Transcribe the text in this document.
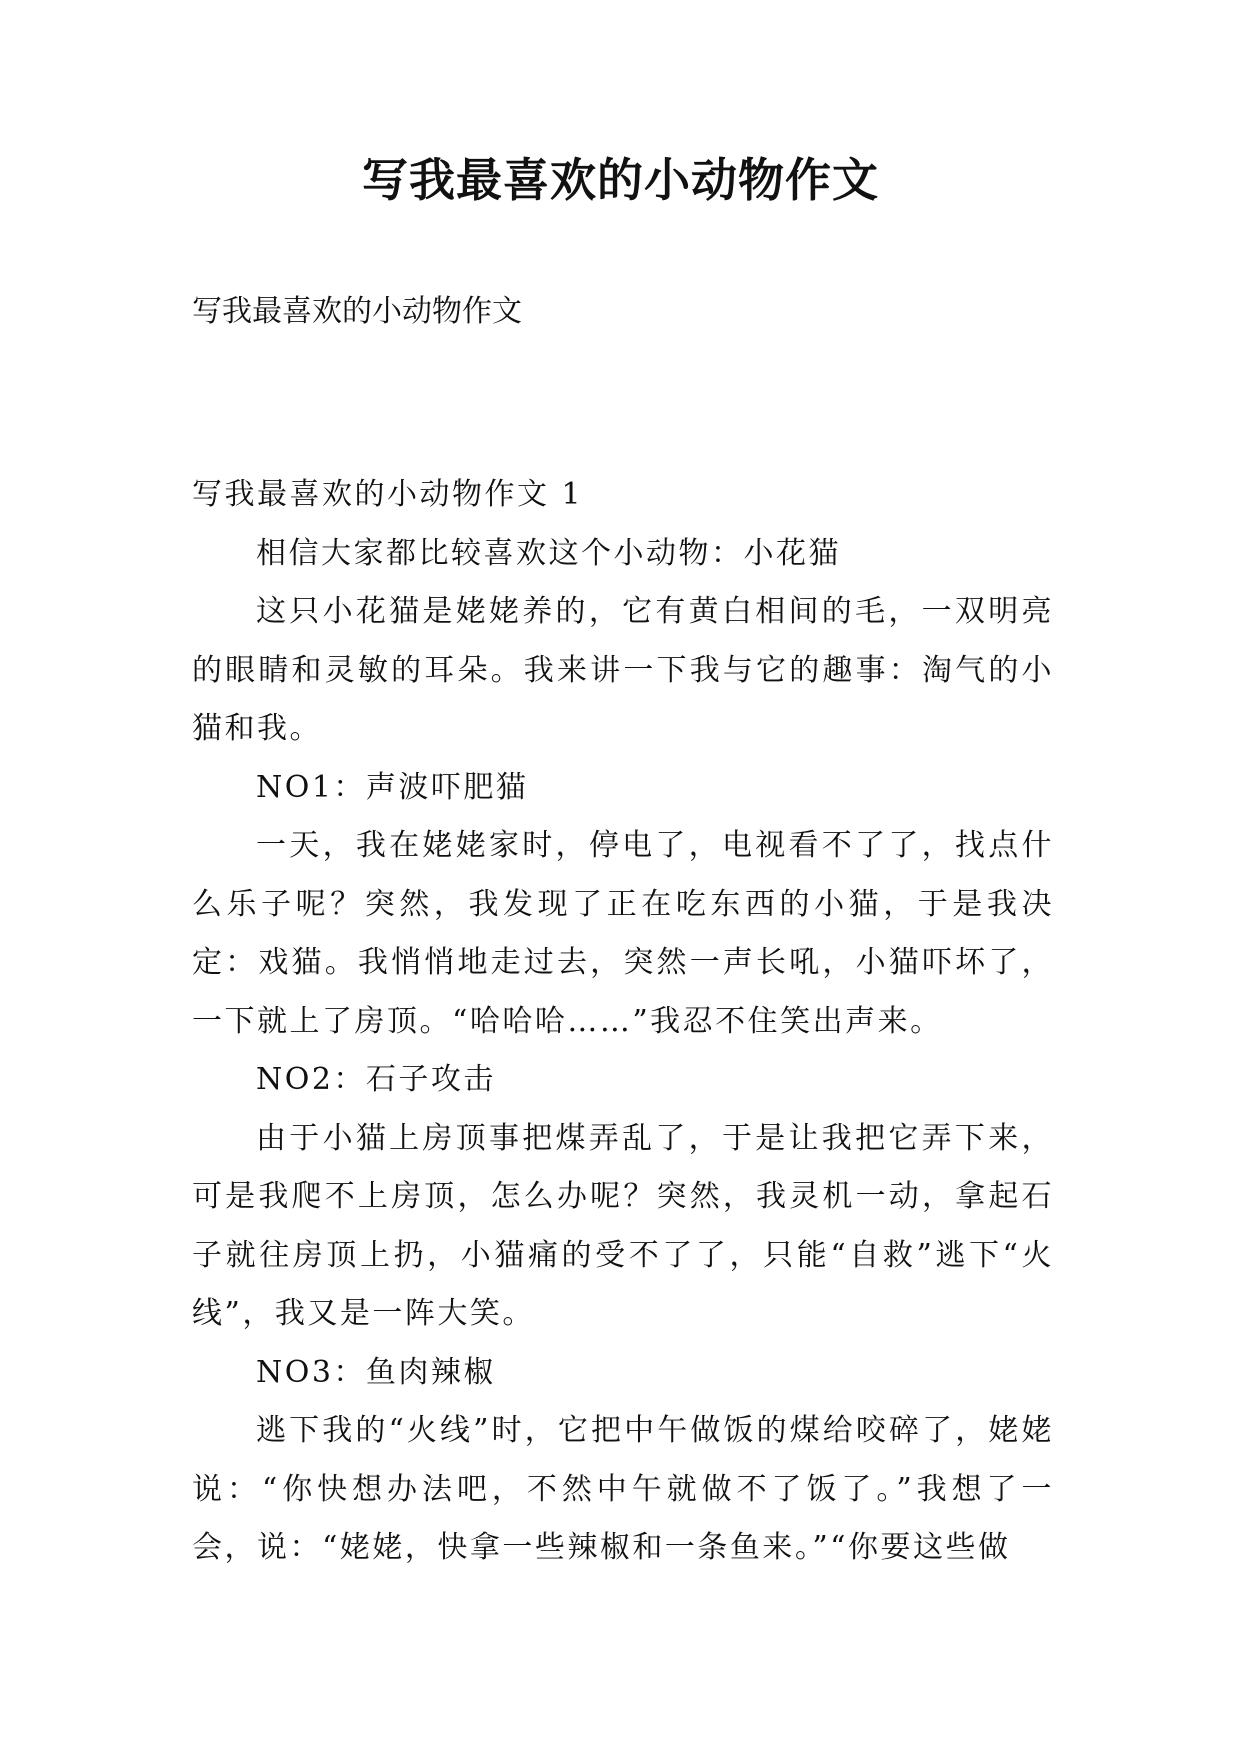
写我最喜欢的小动物作文

写我最喜欢的小动物作文

写我最喜欢的小动物作文 1

相信大家都比较喜欢这个小动物：小花猫

这只小花猫是姥姥养的，它有黄白相间的毛，一双明亮的眼睛和灵敏的耳朵。我来讲一下我与它的趣事：淘气的小猫和我。

NO1：声波吓肥猫

一天，我在姥姥家时，停电了，电视看不了了，找点什么乐子呢？突然，我发现了正在吃东西的小猫，于是我决定：戏猫。我悄悄地走过去，突然一声长吼，小猫吓坏了，一下就上了房顶。“哈哈哈……”我忍不住笑出声来。

NO2：石子攻击

由于小猫上房顶事把煤弄乱了，于是让我把它弄下来，可是我爬不上房顶，怎么办呢？突然，我灵机一动，拿起石子就往房顶上扔，小猫痛的受不了了，只能“自救”逃下“火线”，我又是一阵大笑。

NO3：鱼肉辣椒

逃下我的“火线”时，它把中午做饭的煤给咬碎了，姥姥说：“你快想办法吧，不然中午就做不了饭了。”我想了一会，说：“姥姥，快拿一些辣椒和一条鱼来。”“你要这些做
